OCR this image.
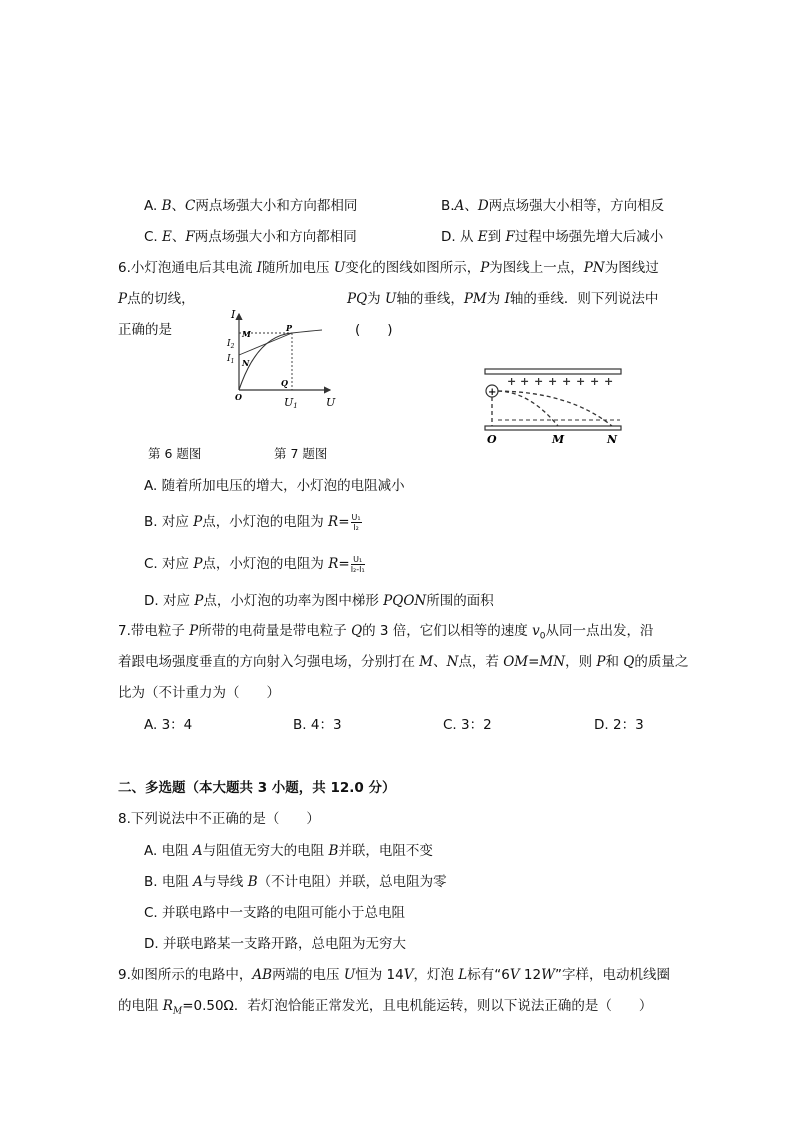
A. B、C两点场强大小和方向都相同	B.A、D两点场强大小相等，方向相反
C. E、F两点场强大小和方向都相同	D. 从 E到 F过程中场强先增大后减小
6.小灯泡通电后其电流 I随所加电压 U变化的图线如图所示，P为图线上一点，PN为图线过
P点的切线，	PQ为 U轴的垂线，PM为 I轴的垂线．则下列说法中
正确的是	(　　)
I
U
M
P
N
O
Q
$I_2$
$I_1$
U1
+ + + + + + + +
+
O	M	N
第 6 题图	第 7 题图
A. 随着所加电压的增大，小灯泡的电阻减小
B. 对应 P点，小灯泡的电阻为 $R= \frac{\text{U₁}}{\text{I₂}}$
C. 对应 P点，小灯泡的电阻为 $R= \frac{\text{U₁}}{\text{I₂-I₁}}$
D. 对应 P点，小灯泡的功率为图中梯形 PQON所围的面积
7.带电粒子 P所带的电荷量是带电粒子 Q的 3 倍，它们以相等的速度 $v_0$从同一点出发，沿
着跟电场强度垂直的方向射入匀强电场，分别打在 M、N点，若 OM=MN，则 P和 Q的质量之
比为（不计重力为（　　）
A. 3：4	B. 4：3	C. 3：2	D. 2：3
二、多选题（本大题共 3 小题，共 12.0 分）
8.下列说法中不正确的是（　　）
A. 电阻 A与阻值无穷大的电阻 B并联，电阻不变
B. 电阻 A与导线 B（不计电阻）并联，总电阻为零
C. 并联电路中一支路的电阻可能小于总电阻
D. 并联电路某一支路开路，总电阻为无穷大
9.如图所示的电路中，AB两端的电压 U恒为 14V，灯泡 L标有“6V 12W”字样，电动机线圈
的电阻 $R_M=0.50\Omega$．若灯泡恰能正常发光，且电机能运转，则以下说法正确的是（　　）
